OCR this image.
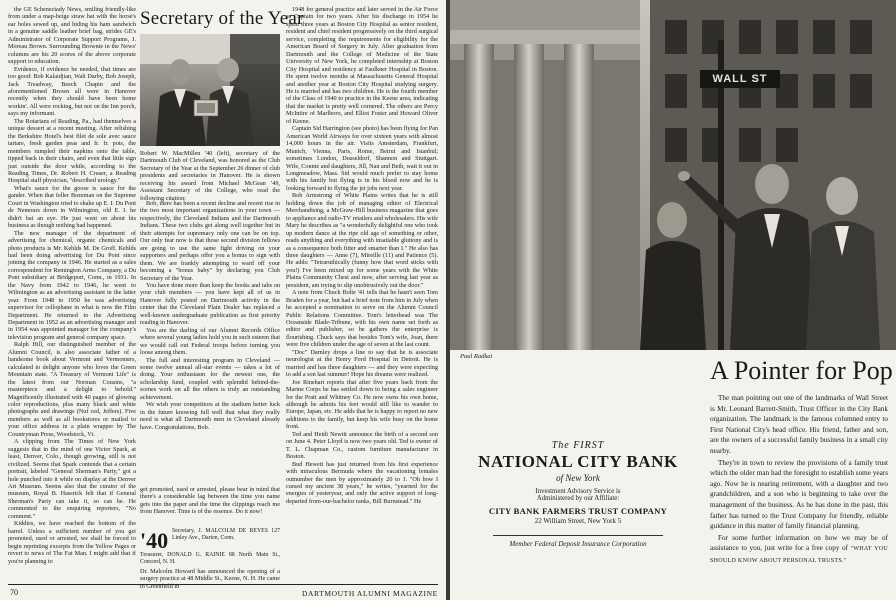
the GE Schenectady News, smiling friendly-like from under a map-beige straw hat with the horse's ear holes sewed up, and hiding his ham sandwich in a genuine saddle leather brief bag, strides GE's Administrator of Corporate Support Programs, J. Moreau Brown. Surrounding Brownie in the News' columns are his 20 scores of the above corporate support to education.

Evidence, if evidence be needed, that times are too good: Bob Kalaidjian, Walt Darby, Bob Joseph, Jack Treadway, Beech Chapin and the aforementioned Brown all were in Hanover recently when they should have been home workin'. All were rocking, but not on the Inn porch, says my informant.

The Rotarians of Reading, Pa., had themselves a unique dessert at a recent meeting. After relishing the Berkshire Hotel's best filet de sole avec sauce tartare, fresh garden peas and fr. fr. pots, the members rumpled their napkins onto the table, tipped back in their chairs, and even that little sign just outside the door while, according to the Reading Times, Dr. Robert H. Cruser, a Reading Hospital staff physician, "described urology."

What's sauce for the goose is sauce for the gander. When that feller Bozeman on the Supreme Court in Washington tried to shake up E. I. Du Pont de Nemours down in Wilmington, old E. I. he didn't bat an eye. He just went on about his business as though nothing had happened.

The new manager of the department of advertising for chemical, organic chemicals and photo products is Mr. Kehlds M. De Groff. Kehlds had been doing advertising for Du Pont since joining the company in 1946. He started as a sales correspondent for Remington Arms Company, a Du Pont subsidiary at Bridgeport, Conn., in 1931. In the Navy from 1942 to 1946, he went to Wilmington as an advertising assistant in the latter year. From 1948 to 1950 he was advertising supervisor for cellophane in what is now the Film Department. He returned to the Advertising Department in 1952 as an advertising manager and in 1954 was appointed manager for the company's television program and general company space.

Ralph Hill, our distinguished member of the Alumni Council, is also associate father of a handsome book about Vermont and Vermonters, calculated to delight anyone who loves the Green Mountain state. "A Treasury of Vermont Life" is the latest from our Norman Cousins, "a masterpiece and a delight to behold." Magnificently illustrated with 40 pages of glowing color reproductions, plus many black and white photographs and drawings (Nuf ced, Jeffers). Five members as well as all bookstores or mailed to your office address in a plain wrapper by The Countryman Press, Woodstock, Vt.

A clipping from The Times of New York suggests that in the mind of one Victor Spark, at least, Denver, Colo., though growing, still is not civilized. Seems that Spark contends that a certain portrait, labeled "General Sherman's Party," got a hole punched into it while on display at the Denver Art Museum. Seems also that the curator of the museum, Royal B. Hassrick felt that if General Sherman's Party can take it, so can he. He commented to the enquiring reporters, "No comment."

Kiddies, we have reached the bottom of the barrel. Unless a sufficient number of you get promoted, used or arrested, we shall be forced to begin reprinting excerpts from the Yellow Pages or revert to news of The Fat Man. I might add that if you're planning to

Secretary of the Year
Robert W. MacMillen '40 (left), secretary of the Dartmouth Club of Cleveland, was honored as the Club Secretary of the Year at the September 26 dinner of club presidents and secretaries in Hanover. He is shown receiving his award from Michael McGean '49, Assistant Secretary of the College, who read the following citation:

Bob, there has been a recent decline and recent rise in the two most important organizations in your town — respectively, the Cleveland Indians and the Dartmouth Indians. These two clubs get along well together but in their attempts for supremacy only one can be on top. Our only fear now is that those second division fellows are going to use the same fight driving on your supporters and perhaps offer you a bonus to sign with them. We are frankly attempting to ward off your becoming a "bonus baby" by declaring you Club Secretary of the Year.

You have done more than keep the books and tabs on your club members — you have kept all of us in Hanover fully posted on Dartmouth activity in the center that the Cleveland Plain Dealer has replaced a well-known undergraduate publication as first priority reading in Hanover.

You are the darling of our Alumni Records Office where several young ladies hold you in such esteem that we would call out Federal troops before turning you loose among them.

The full and interesting program in Cleveland — some twelve annual all-star events — takes a lot of doing. Your enthusiasm for the newest one, the scholarship fund, coupled with splendid behind-the-scenes work on all the others is truly an outstanding achievement.

We wish your competitors at the stadium better luck in the future knowing full well that what they really need is what all Dartmouth men in Cleveland already have. Congratulations, Bob.

get promoted, used or arrested, please bear in mind that there's a considerable lag between the time you name gets into the paper and the time the clippings reach me from Hanover. Time is of the essence. Do it now!
'40 Secretary, J. MALCOLM DE REYES 127 Linley Ave., Darien, Conn.
Treasurer, DONALD G. RAINIE 88 North Main St., Concord, N. H.
Dr. Malcolm Howard has announced the opening of a surgery practice at 48 Middle St., Keene, N. H. He came to Greenfield in

1948 for general practice and later served in the Air Force as Captain for two years. After his discharge in 1954 he spent three years at Boston City Hospital as senior resident, resident and chief resident progressively on the third surgical service, completing the requirements for eligibility for the American Board of Surgery in July. After graduation from Dartmouth and the College of Medicine of the State University of New York, he completed internship at Boston City Hospital and residency at Faulkner Hospital in Boston. He spent twelve months at Massachusetts General Hospital and another year at Boston City Hospital studying surgery. He is married and has two children. He is the fourth member of the Class of 1940 to practice in the Keene area, indicating that the market is pretty well cornered. The others are Percy McIntire of Marlboro, and Elliot Foster and Howard Oliver of Keene.

Captain Sid Harrington (see photo) has been flying for Pan American World Airways for over sixteen years with almost 14,000 hours in the air. Visits Amsterdam, Frankfurt, Munich, Vienna, Paris, Rome, Beirut and Istanbul; sometimes London, Dusseldorf, Shannon and Stuttgart. Wife, Connie and daughters, Jill, Nan and Beth, wait it out in Longmeadow, Mass. Sid would much prefer to stay home with his family but flying is in his blood now and he is looking forward to flying the jet jobs next year.

Bob Armstrong of White Plains writes that he is still holding down the job of managing editor of Electrical Merchandising, a McGraw-Hill business magazine that goes to appliance and radio-TV retailers and wholesalers. His wife Mary he describes as "a wonderfully delightful one who took up modern dance at the ripe old age of something or other, reads anything and everything with insatiable gluttony and is as a consequence both fitter and smarter than I." He also has three daughters — Anne (7), Mireille (11) and Patience (5). He adds: "Tetraruthically (funny how that word sticks with you!) I've been mixed up for some years with the White Plains Community Chest and now, after serving last year as president, am trying to slip unobtrusively out the door."

A note from Chuck Bolte '41 tells that he hasn't seen Tom Braden for a year, but had a brief note from him in July when he accepted a nomination to serve on the Alumni Council Public Relations Committee. Tom's letterhead was The Oceanside Blade-Tribune, with his own name set forth as editor and publisher, so he gathers the enterprise is flourishing. Chuck says that besides Tom's wife, Joan, there were five children under the age of seven at the last count.

"Doc" Darnley drops a line to say that he is associate neurologist at the Henry Ford Hospital in Detroit. He is married and has three daughters — and they were expecting to add a son last summer! Hope his dreams were realized.

Joe Rinehart reports that after five years back from the Marine Corps he has settled down to being a sales engineer for the Pratt and Whitney Co. He now owns his own home, although he admits his feet would still like to wander to Europe, Japan, etc. He adds that he is happy to report no new additions to the family, but keep his wife busy on the home front.

Ted and Heidi Newitt announce the birth of a second son on June 4. Peter Lloyd is now two years old. Ted is owner of T. L. Chapman Co., custom furniture manufacturer in Boston.

Bud Hewett has just returned from his first experience with miraculous Bermuda where the vacationing females outnumber the men by approximately 20 to 1. "Oh how I cursed my ancient 38 years," he writes, "yearned for the energies of yesteryear, and only the active support of long-departed from-our-bachelor ranks, Bill Burnstead." He

70	DARTMOUTH ALUMNI MAGAZINE
WALL ST
Paul Radkai
The FIRST
NATIONAL CITY BANK
of New York
Investment Advisory Service is
Administered by our Affiliate:
CITY BANK FARMERS TRUST COMPANY
22 William Street, New York 5
Member Federal Deposit Insurance Corporation
A Pointer for Pop

The man pointing out one of the landmarks of Wall Street is Mr. Leonard Barrett-Smith, Trust Officer in the City Bank organization. The landmark is the famous columned entry to First National City's head office. His friend, father and son, are the owners of a successful family business in a small city nearby.

They're in town to review the provisions of a family trust which the older man had the foresight to establish some years ago. Now he is nearing retirement, with a daughter and two grandchildren, and a son who is beginning to take over the management of the business. As he has done in the past, this father has turned to the Trust Company for friendly, reliable guidance in this matter of family financial planning.

For some further information on how we may be of assistance to you, just write for a free copy of "WHAT YOU SHOULD KNOW ABOUT PERSONAL TRUSTS."
